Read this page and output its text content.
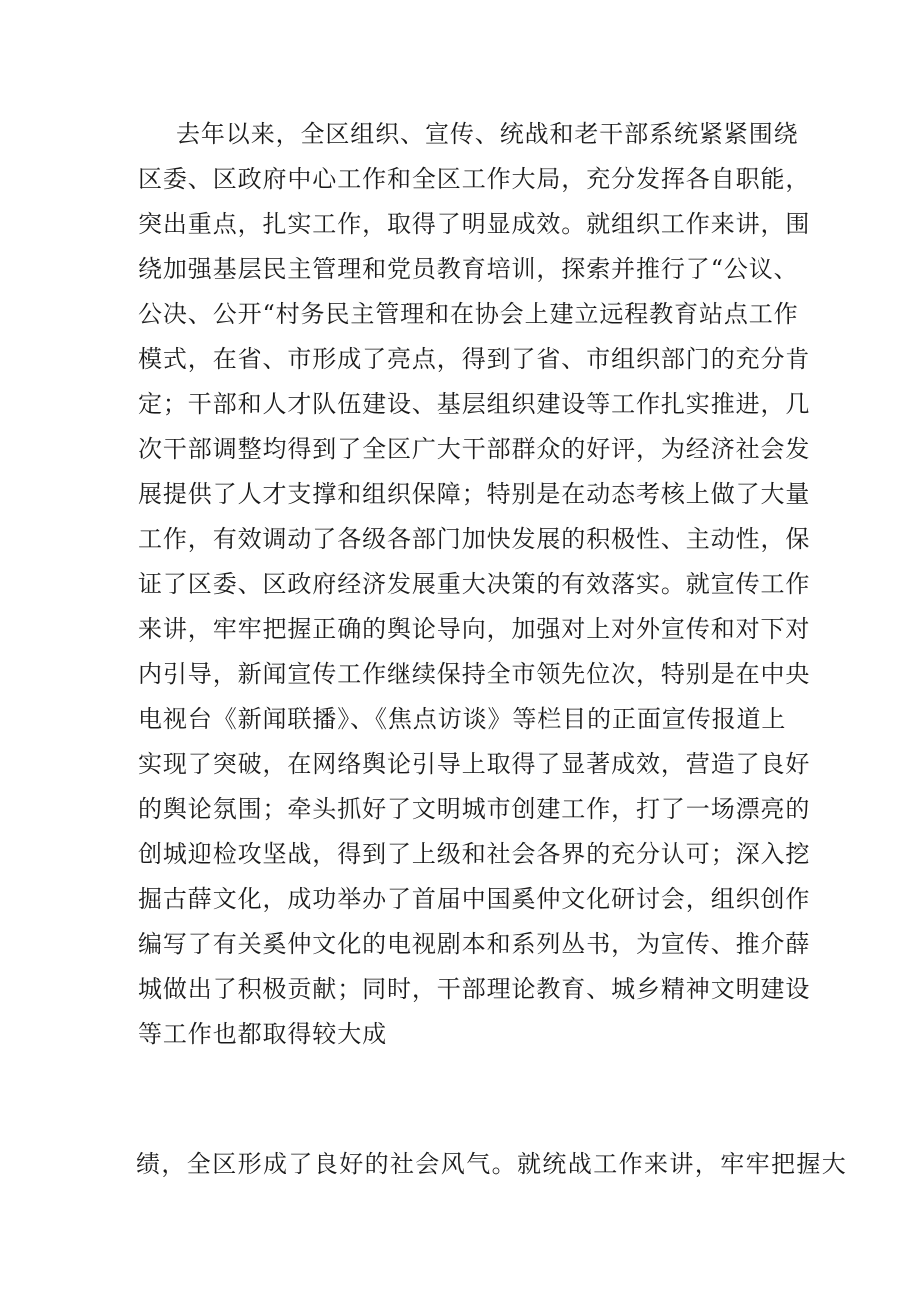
去年以来，全区组织、宣传、统战和老干部系统紧紧围绕
区委、区政府中心工作和全区工作大局，充分发挥各自职能，
突出重点，扎实工作，取得了明显成效。就组织工作来讲，围
绕加强基层民主管理和党员教育培训，探索并推行了“公议、
公决、公开“村务民主管理和在协会上建立远程教育站点工作
模式，在省、市形成了亮点，得到了省、市组织部门的充分肯
定；干部和人才队伍建设、基层组织建设等工作扎实推进，几
次干部调整均得到了全区广大干部群众的好评，为经济社会发
展提供了人才支撑和组织保障；特别是在动态考核上做了大量
工作，有效调动了各级各部门加快发展的积极性、主动性，保
证了区委、区政府经济发展重大决策的有效落实。就宣传工作
来讲，牢牢把握正确的舆论导向，加强对上对外宣传和对下对
内引导，新闻宣传工作继续保持全市领先位次，特别是在中央
电视台《新闻联播》、《焦点访谈》等栏目的正面宣传报道上
实现了突破，在网络舆论引导上取得了显著成效，营造了良好
的舆论氛围；牵头抓好了文明城市创建工作，打了一场漂亮的
创城迎检攻坚战，得到了上级和社会各界的充分认可；深入挖
掘古薛文化，成功举办了首届中国奚仲文化研讨会，组织创作
编写了有关奚仲文化的电视剧本和系列丛书，为宣传、推介薛
城做出了积极贡献；同时，干部理论教育、城乡精神文明建设
等工作也都取得较大成
绩，全区形成了良好的社会风气。就统战工作来讲，牢牢把握大
